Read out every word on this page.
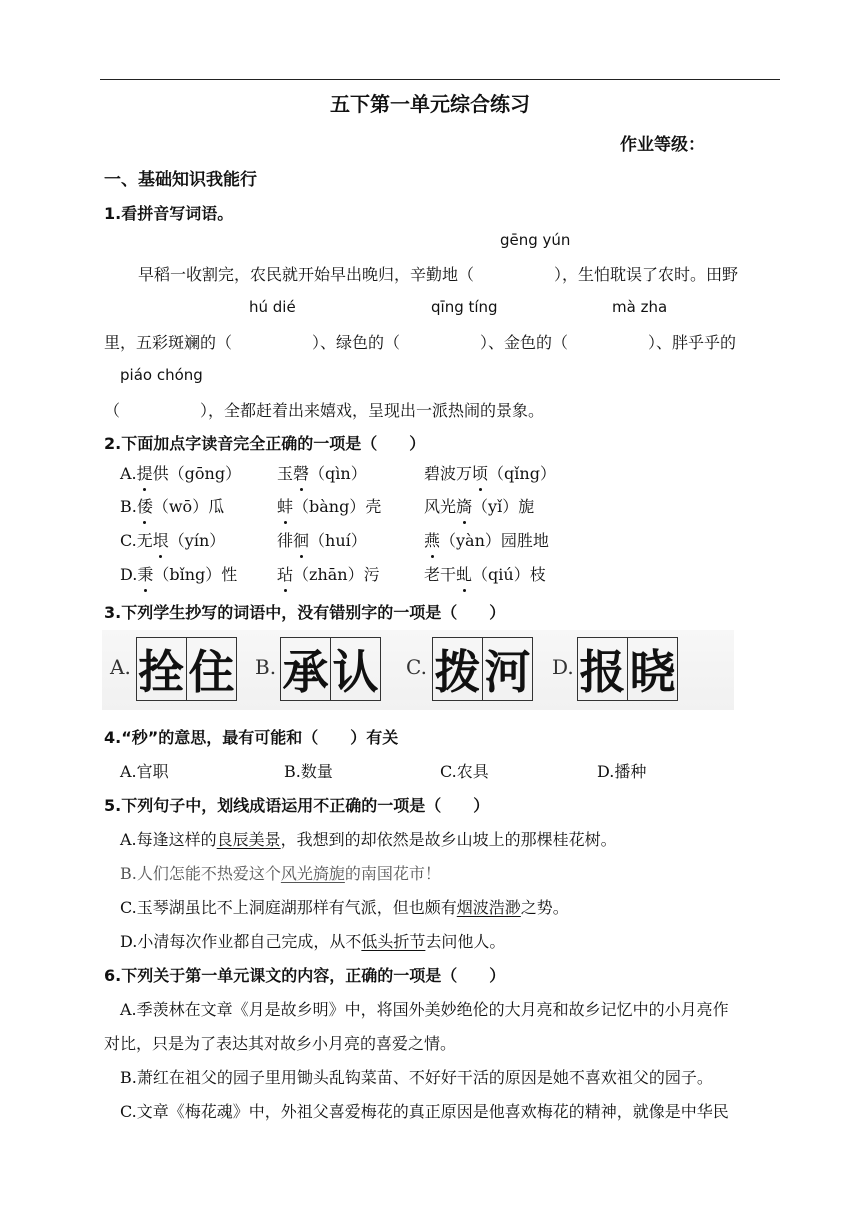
五下第一单元综合练习
作业等级：
一、基础知识我能行
1.看拼音写词语。
gēng yún
早稻一收割完，农民就开始早出晚归，辛勤地（　　　　　），生怕耽误了农时。田野
hú dié	qīng tíng	mà zha
里，五彩斑斓的（　　　　　）、绿色的（　　　　　）、金色的（　　　　　）、胖乎乎的
piáo chóng
（　　　　　），全都赶着出来嬉戏，呈现出一派热闹的景象。
2.下面加点字读音完全正确的一项是（　　）
A.提供（gōng） 玉磬（qìn）	碧波万顷（qǐng）
B.倭（wō）瓜	蚌（bàng）壳	风光旖（yǐ）旎
C.无垠（yín）	徘徊（huí）	燕（yàn）园胜地
D.秉（bǐng）性 玷（zhān）污	老干虬（qiú）枝
3.下列学生抄写的词语中，没有错别字的一项是（　　）
A. 拴 住 B. 承 认 C. 拨 河 D. 报 晓
4.“秒”的意思，最有可能和（　　）有关
A.官职	B.数量	C.农具	D.播种
5.下列句子中，划线成语运用不正确的一项是（　　）
A.每逢这样的良辰美景，我想到的却依然是故乡山坡上的那棵桂花树。
B.人们怎能不热爱这个风光旖旎的南国花市！
C.玉琴湖虽比不上洞庭湖那样有气派，但也颇有烟波浩渺之势。
D.小清每次作业都自己完成，从不低头折节去问他人。
6.下列关于第一单元课文的内容，正确的一项是（　　）
A.季羡林在文章《月是故乡明》中，将国外美妙绝伦的大月亮和故乡记忆中的小月亮作
对比，只是为了表达其对故乡小月亮的喜爱之情。
B.萧红在祖父的园子里用锄头乱钩菜苗、不好好干活的原因是她不喜欢祖父的园子。
C.文章《梅花魂》中，外祖父喜爱梅花的真正原因是他喜欢梅花的精神，就像是中华民
